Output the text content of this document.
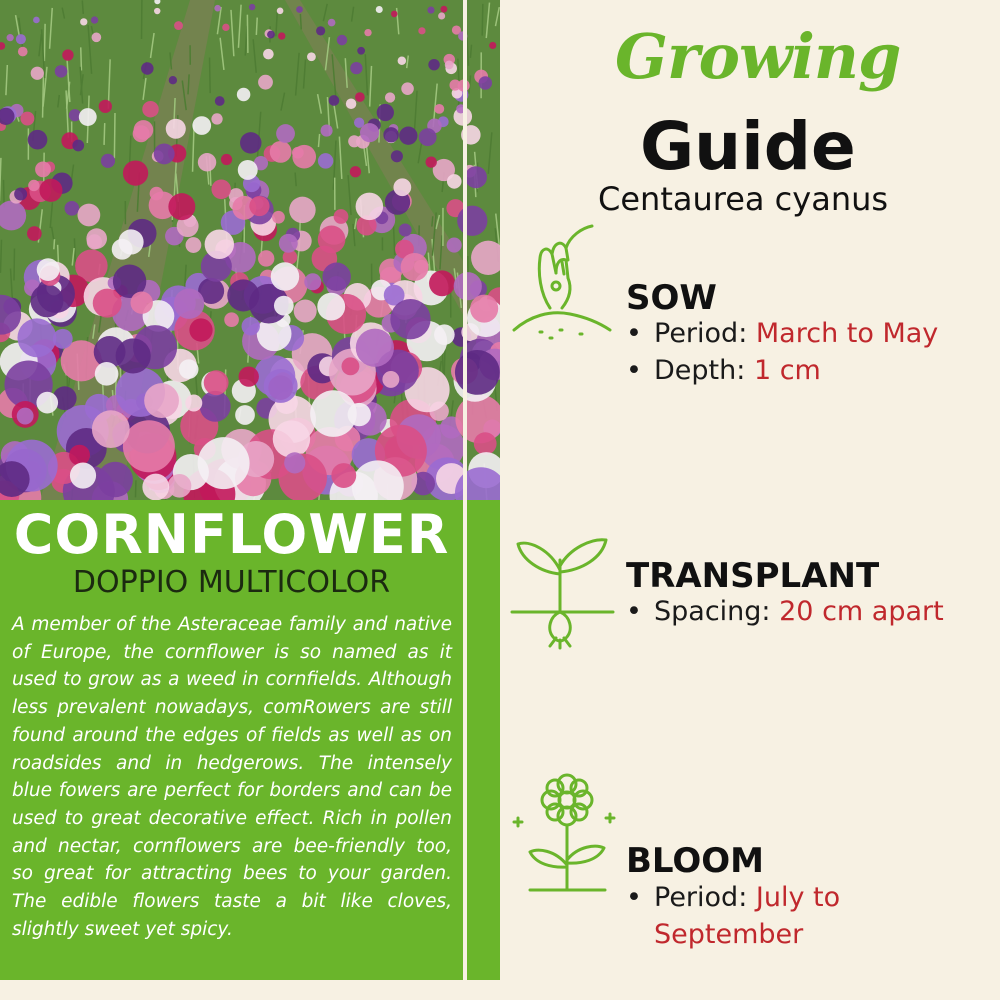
CORNFLOWER
DOPPIO MULTICOLOR

A member of the Asteraceae family and native of Europe, the cornflower is so named as it used to grow as a weed in cornfields. Although less prevalent nowadays, comRowers are still found around the edges of fields as well as on roadsides and in hedgerows. The intensely blue fowers are perfect for borders and can be used to great decorative effect. Rich in pollen and nectar, cornflowers are bee-friendly too, so great for attracting bees to your garden. The edible flowers taste a bit like cloves, slightly sweet yet spicy.

Growing
Guide
Centaurea cyanus
SOW
• Period: March to May
• Depth: 1 cm
TRANSPLANT
• Spacing: 20 cm apart
BLOOM
• Period: July to
September
